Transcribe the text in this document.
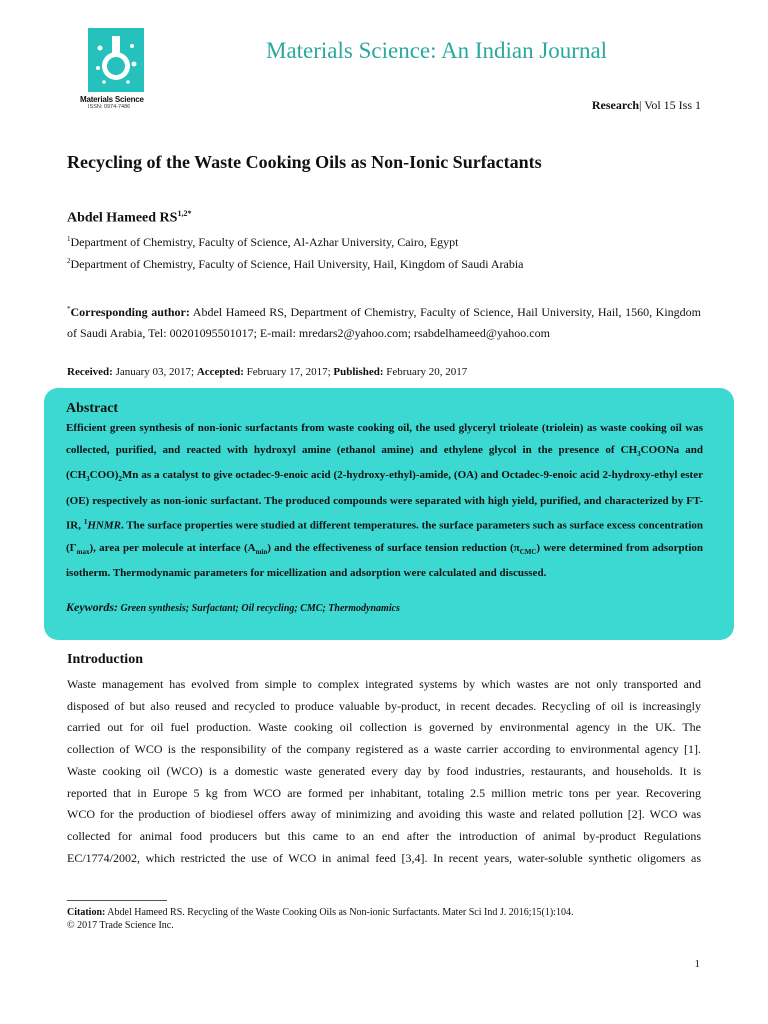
Materials Science
ISSN: 0974-7486
Materials Science: An Indian Journal
Research| Vol 15 Iss 1
Recycling of the Waste Cooking Oils as Non-Ionic Surfactants
Abdel Hameed $RS^{1,2*}$
$^1$Department of Chemistry, Faculty of Science, Al-Azhar University, Cairo, Egypt
$^2$Department of Chemistry, Faculty of Science, Hail University, Hail, Kingdom of Saudi Arabia
*Corresponding author: Abdel Hameed RS, Department of Chemistry, Faculty of Science, Hail University, Hail, 1560, Kingdom of Saudi Arabia, Tel: 00201095501017; E-mail: mredars2@yahoo.com; rsabdelhameed@yahoo.com
Received: January 03, 2017; Accepted: February 17, 2017; Published: February 20, 2017
Abstract
Efficient green synthesis of non-ionic surfactants from waste cooking oil, the used glyceryl trioleate (triolein) as waste cooking oil was collected, purified, and reacted with hydroxyl amine (ethanol amine) and ethylene glycol in the presence of $CH_3COONa$ and $(CH_3COO)_2Mn$ as a catalyst to give octadec-9-enoic acid (2-hydroxy-ethyl)-amide, (OA) and Octadec-9-enoic acid 2-hydroxy-ethyl ester (OE) respectively as non-ionic surfactant. The produced compounds were separated with high yield, purified, and characterized by FT-IR, $^1$HNMR. The surface properties were studied at different temperatures. the surface parameters such as surface excess concentration $(\Gamma_{max})$, area per molecule at interface $(A_{min})$ and the effectiveness of surface tension reduction $(\pi_{CMC})$ were determined from adsorption isotherm. Thermodynamic parameters for micellization and adsorption were calculated and discussed.
Keywords: Green synthesis; Surfactant; Oil recycling; CMC; Thermodynamics
Introduction
Waste management has evolved from simple to complex integrated systems by which wastes are not only transported and
disposed of but also reused and recycled to produce valuable by-product, in recent decades. Recycling of oil is increasingly
carried out for oil fuel production. Waste cooking oil collection is governed by environmental agency in the UK. The
collection of WCO is the responsibility of the company registered as a waste carrier according to environmental agency [1].
Waste cooking oil (WCO) is a domestic waste generated every day by food industries, restaurants, and households. It is
reported that in Europe 5 kg from WCO are formed per inhabitant, totaling 2.5 million metric tons per year. Recovering
WCO for the production of biodiesel offers away of minimizing and avoiding this waste and related pollution [2]. WCO was
collected for animal food producers but this came to an end after the introduction of animal by-product Regulations
EC/1774/2002, which restricted the use of WCO in animal feed [3,4]. In recent years, water-soluble synthetic oligomers as
Citation: Abdel Hameed RS. Recycling of the Waste Cooking Oils as Non-ionic Surfactants. Mater Sci Ind J. 2016;15(1):104.
© 2017 Trade Science Inc.
1
